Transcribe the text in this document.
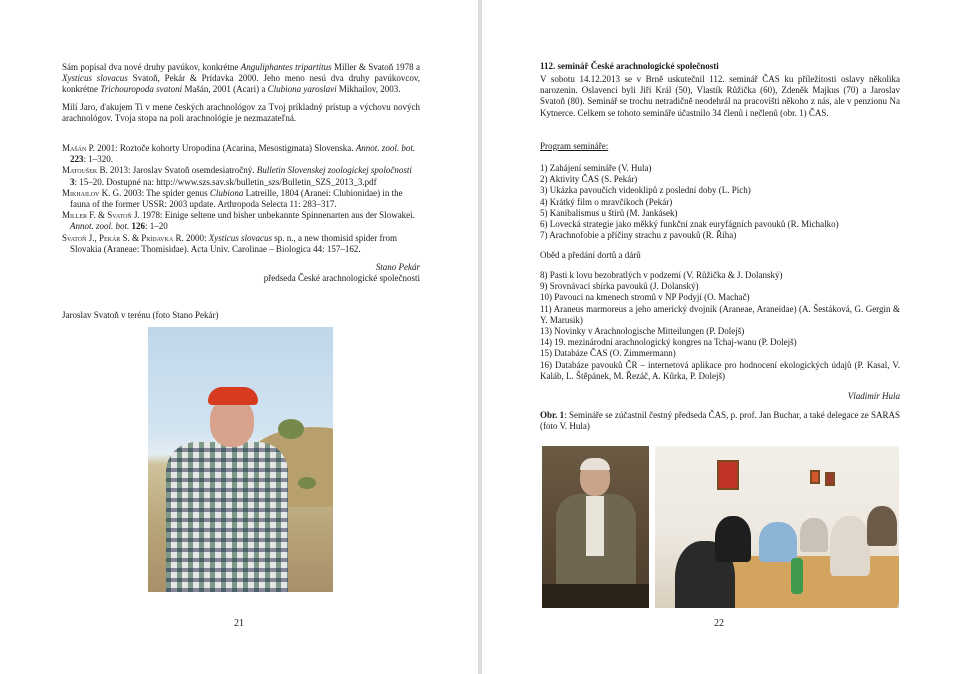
Sám popísal dva nové druhy pavúkov, konkrétne Anguliphantes tripartitus Miller & Svatoň 1978 a Xysticus slovacus Svatoň, Pekár & Prídavka 2000. Jeho meno nesú dva druhy pavúkovcov, konkrétne Trichouropoda svatoni Mašán, 2001 (Acari) a Clubiona yaroslavi Mikhailov, 2003.

Milí Jaro, ďakujem Ti v mene českých arachnológov za Tvoj príkladný prístup a výchovu nových arachnológov. Tvoja stopa na poli arachnológie je nezmazateľná.

Mašán P. 2001: Roztoče kohorty Uropodina (Acarina, Mesostigmata) Slovenska. Annot. zool. bot. 223: 1–320.
Matoušek B. 2013: Jaroslav Svatoň osemdesiatročný. Bulletin Slovenskej zoologickej spoločnosti 3: 15–20. Dostupné na: http://www.szs.sav.sk/bulletin_szs/Bulletin_SZS_2013_3.pdf
Mikhailov K. G. 2003: The spider genus Clubiona Latreille, 1804 (Aranei: Clubionidae) in the fauna of the former USSR: 2003 update. Arthropoda Selecta 11: 283–317.
Miller F. & Svatoň J. 1978: Einige seltene und bisher unbekannte Spinnenarten aus der Slowakei. Annot. zool. bot. 126: 1–20
Svatoň J., Pekár S. & Prídavka R. 2000: Xysticus slovacus sp. n., a new thomisid spider from Slovakia (Araneae: Thomisidae). Acta Univ. Carolinae – Biologica 44: 157–162.
Stano Pekár
předseda České arachnologické společnosti
Jaroslav Svatoň v terénu (foto Stano Pekár)
21
112. seminář České arachnologické společnosti
V sobotu 14.12.2013 se v Brně uskutečnil 112. seminář ČAS ku příležitosti oslavy několika narozenin. Oslavenci byli Jiří Král (50), Vlastík Růžička (60), Zdeněk Majkus (70) a Jaroslav Svatoň (80). Seminář se trochu netradičně neodehrál na pracovišti někoho z nás, ale v penzionu Na Kytnerce. Celkem se tohoto semináře účastnilo 34 členů i nečlenů (obr. 1) ČAS.
Program semináře:
1) Zahájení semináře (V. Hula)
2) Aktivity ČAS (S. Pekár)
3) Ukázka pavoučích videoklipů z poslední doby (L. Pich)
4) Krátký film o mravčíkoch (Pekár)
5) Kanibalismus u štírů (M. Jankásek)
6) Lovecká strategie jako měkký funkční znak euryfágních pavouků (R. Michalko)
7) Arachnofobie a příčiny strachu z pavouků (R. Říha)
Oběd a předání dortů a dárů
8) Pasti k lovu bezobratlých v podzemí (V. Růžička & J. Dolanský)
9) Srovnávací sbírka pavouků (J. Dolanský)
10) Pavouci na kmenech stromů v NP Podyjí (O. Machač)
11) Araneus marmoreus a jeho americký dvojník (Araneae, Araneidae) (A. Šestáková, G. Gergin & Y. Marusik)
13) Novinky v Arachnologische Mitteilungen (P. Dolejš)
14) 19. mezinárodní arachnologický kongres na Tchaj-wanu (P. Dolejš)
15) Databáze ČAS (O. Zimmermann)
16) Databáze pavouků ČR – internetová aplikace pro hodnocení ekologických údajů (P. Kasal, V. Kaláb, L. Štěpánek, M. Řezáč, A. Kůrka, P. Dolejš)
Vladimír Hula
Obr. 1: Semináře se zúčastnil čestný předseda ČAS, p. prof. Jan Buchar, a také delegace ze SARAS (foto V. Hula)
22
